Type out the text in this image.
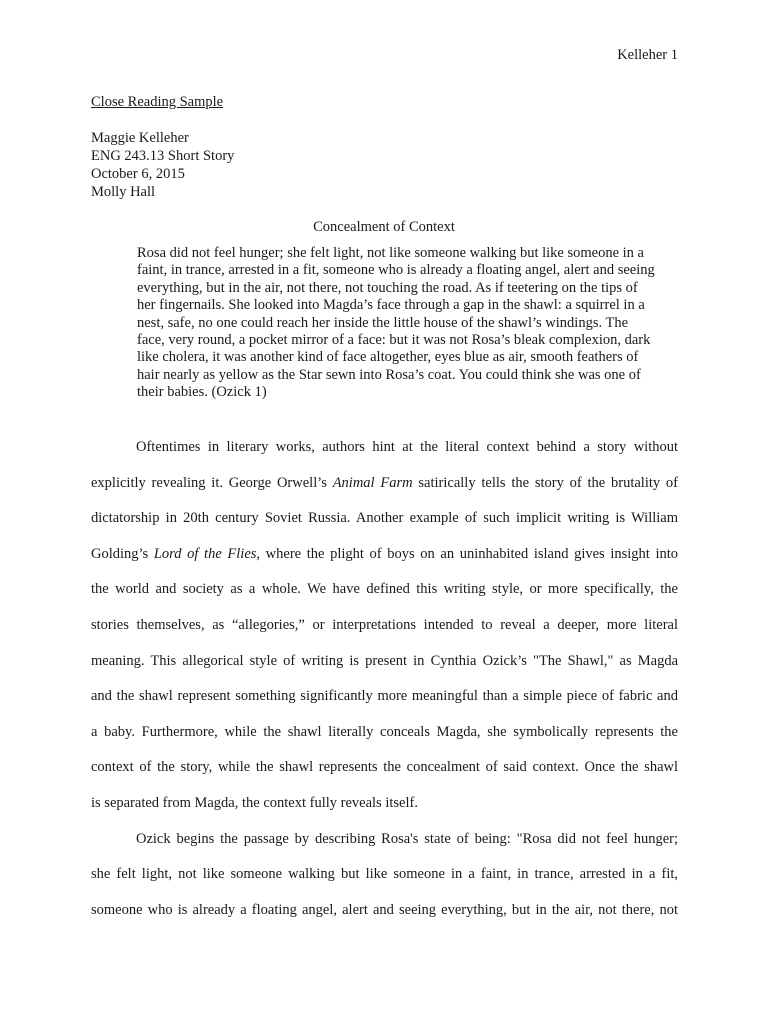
Kelleher 1
Close Reading Sample
Maggie Kelleher
ENG 243.13 Short Story
October 6, 2015
Molly Hall
Concealment of Context
Rosa did not feel hunger; she felt light, not like someone walking but like someone in a
faint, in trance, arrested in a fit, someone who is already a floating angel, alert and seeing
everything, but in the air, not there, not touching the road. As if teetering on the tips of
her fingernails. She looked into Magda’s face through a gap in the shawl: a squirrel in a
nest, safe, no one could reach her inside the little house of the shawl’s windings. The
face, very round, a pocket mirror of a face: but it was not Rosa’s bleak complexion, dark
like cholera, it was another kind of face altogether, eyes blue as air, smooth feathers of
hair nearly as yellow as the Star sewn into Rosa’s coat. You could think she was one of
their babies. (Ozick 1)
Oftentimes in literary works, authors hint at the literal context behind a story without
explicitly revealing it. George Orwell’s Animal Farm satirically tells the story of the brutality of
dictatorship in 20th century Soviet Russia. Another example of such implicit writing is William
Golding’s Lord of the Flies, where the plight of boys on an uninhabited island gives insight into
the world and society as a whole. We have defined this writing style, or more specifically, the
stories themselves, as “allegories,” or interpretations intended to reveal a deeper, more literal
meaning. This allegorical style of writing is present in Cynthia Ozick’s "The Shawl," as Magda
and the shawl represent something significantly more meaningful than a simple piece of fabric and
a baby. Furthermore, while the shawl literally conceals Magda, she symbolically represents the
context of the story, while the shawl represents the concealment of said context. Once the shawl
is separated from Magda, the context fully reveals itself.
Ozick begins the passage by describing Rosa's state of being: "Rosa did not feel hunger;
she felt light, not like someone walking but like someone in a faint, in trance, arrested in a fit,
someone who is already a floating angel, alert and seeing everything, but in the air, not there, not
